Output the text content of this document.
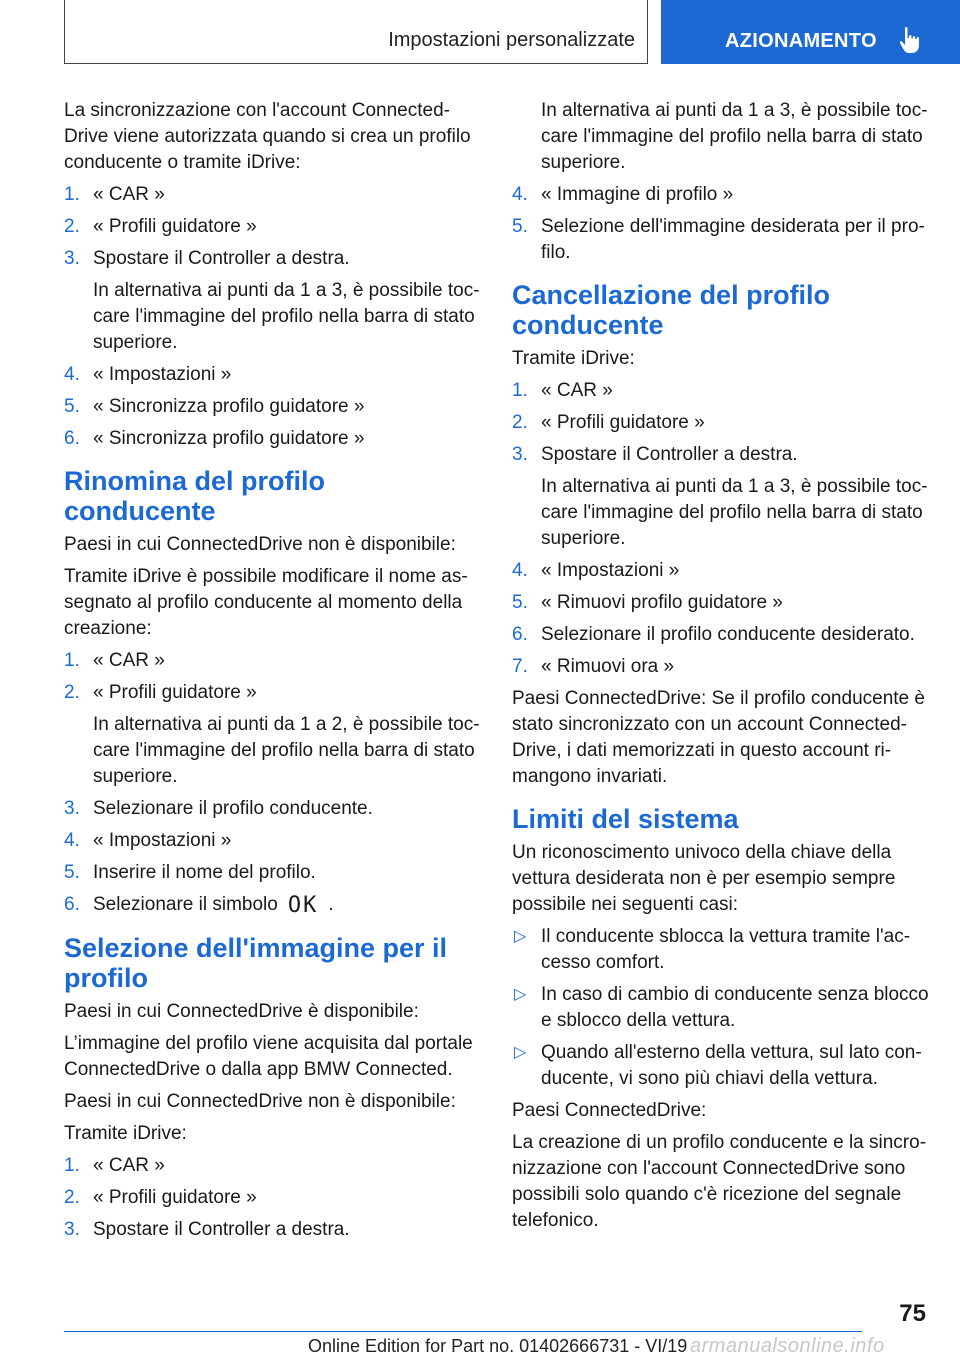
Impostazioni personalizzate	AZIONAMENTO

La sincronizzazione con l'account Connected-Drive viene autorizzata quando si crea un profilo conducente o tramite iDrive:

1. « CAR »
2. « Profili guidatore »
3. Spostare il Controller a destra.
In alternativa ai punti da 1 a 3, è possibile toc-care l'immagine del profilo nella barra di stato superiore.
4. « Impostazioni »
5. « Sincronizza profilo guidatore »
6. « Sincronizza profilo guidatore »
Rinomina del profilo conducente

Paesi in cui ConnectedDrive non è disponibile:

Tramite iDrive è possibile modificare il nome as-segnato al profilo conducente al momento della creazione:

1. « CAR »
2. « Profili guidatore »
In alternativa ai punti da 1 a 2, è possibile toc-care l'immagine del profilo nella barra di stato superiore.
3. Selezionare il profilo conducente.
4. « Impostazioni »
5. Inserire il nome del profilo.
6. Selezionare il simbolo OK .
Selezione dell'immagine per il profilo

Paesi in cui ConnectedDrive è disponibile:

L’immagine del profilo viene acquisita dal portale ConnectedDrive o dalla app BMW Connected.

Paesi in cui ConnectedDrive non è disponibile:

Tramite iDrive:

1. « CAR »
2. « Profili guidatore »
3. Spostare il Controller a destra.

In alternativa ai punti da 1 a 3, è possibile toc-care l'immagine del profilo nella barra di stato superiore.

4. « Immagine di profilo »
5. Selezione dell'immagine desiderata per il pro-filo.
Cancellazione del profilo conducente

Tramite iDrive:

1. « CAR »
2. « Profili guidatore »
3. Spostare il Controller a destra.
In alternativa ai punti da 1 a 3, è possibile toc-care l'immagine del profilo nella barra di stato superiore.
4. « Impostazioni »
5. « Rimuovi profilo guidatore »
6. Selezionare il profilo conducente desiderato.
7. « Rimuovi ora »

Paesi ConnectedDrive: Se il profilo conducente è stato sincronizzato con un account Connected-Drive, i dati memorizzati in questo account ri-mangono invariati.

Limiti del sistema

Un riconoscimento univoco della chiave della vettura desiderata non è per esempio sempre possibile nei seguenti casi:

▷ Il conducente sblocca la vettura tramite l'ac-cesso comfort.
▷ In caso di cambio di conducente senza blocco e sblocco della vettura.
▷ Quando all'esterno della vettura, sul lato con-ducente, vi sono più chiavi della vettura.

Paesi ConnectedDrive:

La creazione di un profilo conducente e la sincro-nizzazione con l'account ConnectedDrive sono possibili solo quando c'è ricezione del segnale telefonico.

75
Online Edition for Part no. 01402666731 - VI/19 armanualsonline.info
